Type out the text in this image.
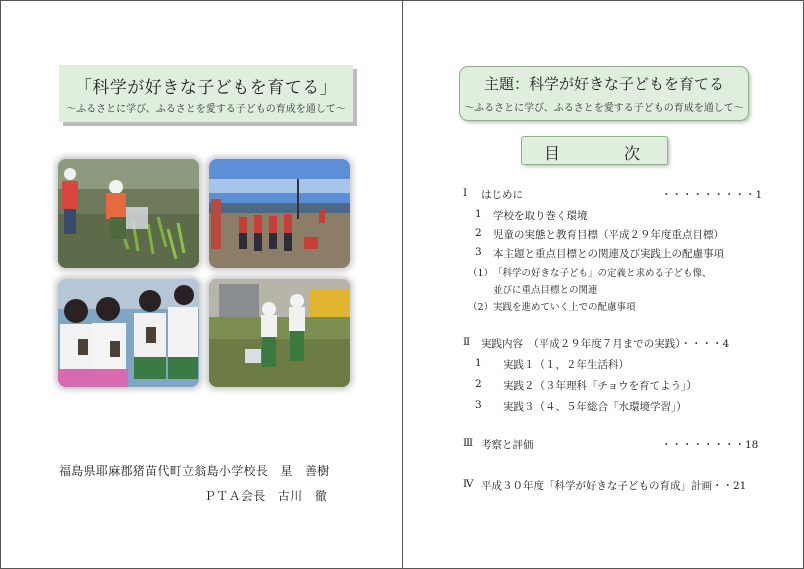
「科学が好きな子どもを育てる」
～ふるさとに学び、ふるさとを愛する子どもの育成を通して～
福島県耶麻郡猪苗代町立翁島小学校長　星　善樹
ＰＴＡ会長　古川　徹
主題：科学が好きな子どもを育てる
～ふるさとに学び、ふるさとを愛する子どもの育成を通して～
目	次
Ⅰ はじめに	・・・・・・・・・1
1 学校を取り巻く環境
2 児童の実態と教育目標（平成２９年度重点目標）
3 本主題と重点目標との関連及び実践上の配慮事項
（1） 「科学の好きな子ども」の定義と求める子ども像、
並びに重点目標との関連
（2） 実践を進めていく上での配慮事項
Ⅱ 実践内容　（平成２９年度７月までの実践）・・・・4
1 実践１（１，２年生活科）
2 実践２（３年理科「チョウを育てよう」）
3 実践３（４、５年総合「水環境学習」）
Ⅲ 考察と評価	・・・・・・・・18
Ⅳ 平成３０年度「科学が好きな子どもの育成」計画・・21
